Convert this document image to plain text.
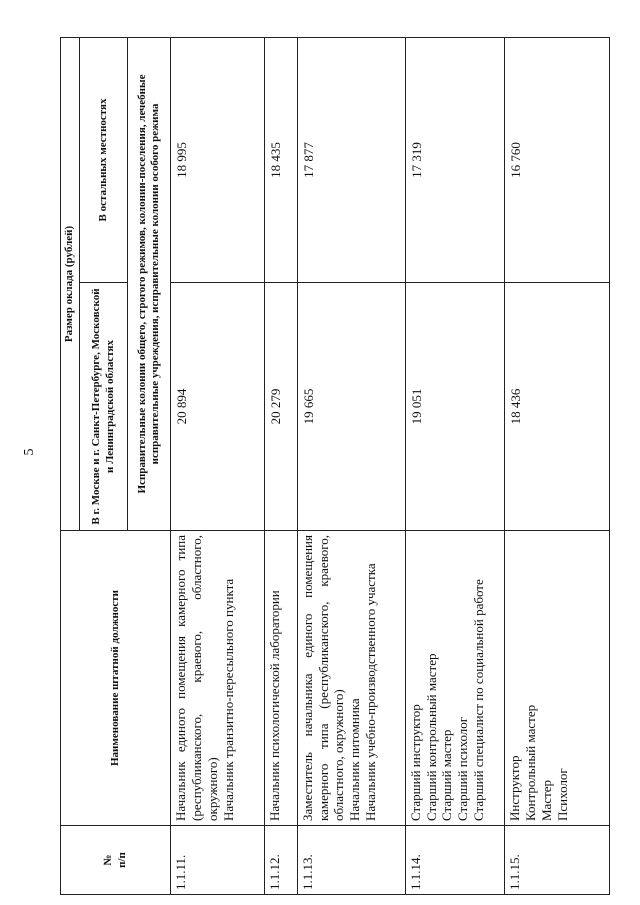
5
№ п/п	Наименование штатной должности	Размер оклада (рублей)	
		В г. Москве и г. Санкт-Петербурге, Московской и Ленинградской областях	В остальных местностях
		Исправительные колонии общего, строгого режимов, колонии-поселения, лечебные исправительные учреждения, исправительные колонии особого режима	
1.1.11.	Начальник единого помещения камерного типа (республиканского, краевого, областного, окружного) Начальник транзитно-пересыльного пункта	20 894	18 995
1.1.12.	Начальник психологической лаборатории	20 279	18 435
1.1.13.	Заместитель начальника единого помещения камерного типа (республиканского, краевого, областного, окружного) Начальник питомника Начальник учебно-производственного участка	19 665	17 877
1.1.14.	Старший инструктор Старший контрольный мастер Старший мастер Старший психолог Старший специалист по социальной работе	19 051	17 319
1.1.15.	Инструктор Контрольный мастер Мастер Психолог	18 436	16 760
